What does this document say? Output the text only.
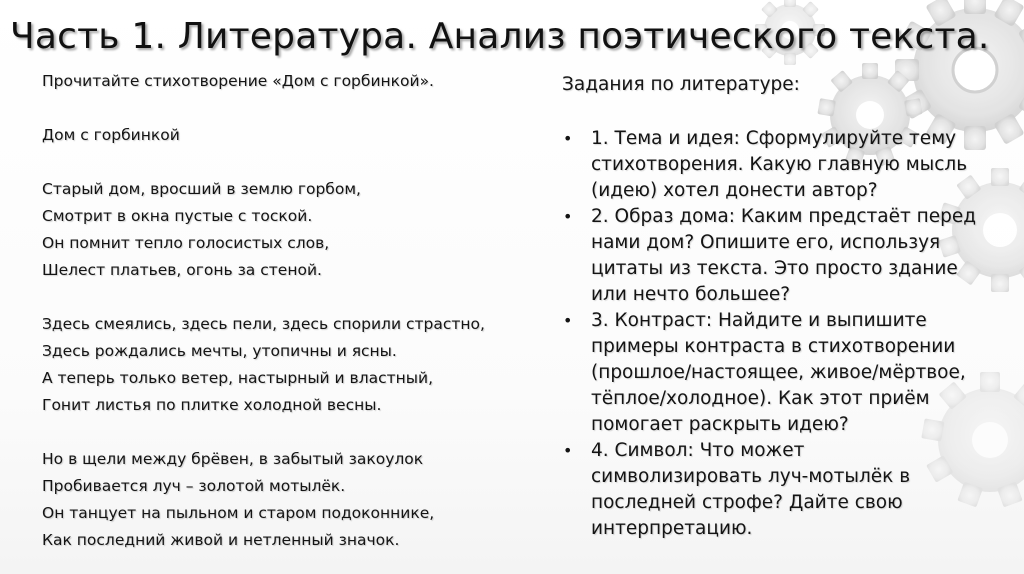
Часть 1. Литература. Анализ поэтического текста.
Прочитайте стихотворение «Дом с горбинкой».
Дом с горбинкой
Старый дом, вросший в землю горбом,
Смотрит в окна пустые с тоской.
Он помнит тепло голосистых слов,
Шелест платьев, огонь за стеной.
Здесь смеялись, здесь пели, здесь спорили страстно,
Здесь рождались мечты, утопичны и ясны.
А теперь только ветер, настырный и властный,
Гонит листья по плитке холодной весны.
Но в щели между брёвен, в забытый закоулок
Пробивается луч – золотой мотылёк.
Он танцует на пыльном и старом подоконнике,
Как последний живой и нетленный значок.
Задания по литературе:
• 1. Тема и идея: Сформулируйте тему
стихотворения. Какую главную мысль
(идею) хотел донести автор?
• 2. Образ дома: Каким предстаёт перед
нами дом? Опишите его, используя
цитаты из текста. Это просто здание
или нечто большее?
• 3. Контраст: Найдите и выпишите
примеры контраста в стихотворении
(прошлое/настоящее, живое/мёртвое,
тёплое/холодное). Как этот приём
помогает раскрыть идею?
• 4. Символ: Что может
символизировать луч-мотылёк в
последней строфе? Дайте свою
интерпретацию.
